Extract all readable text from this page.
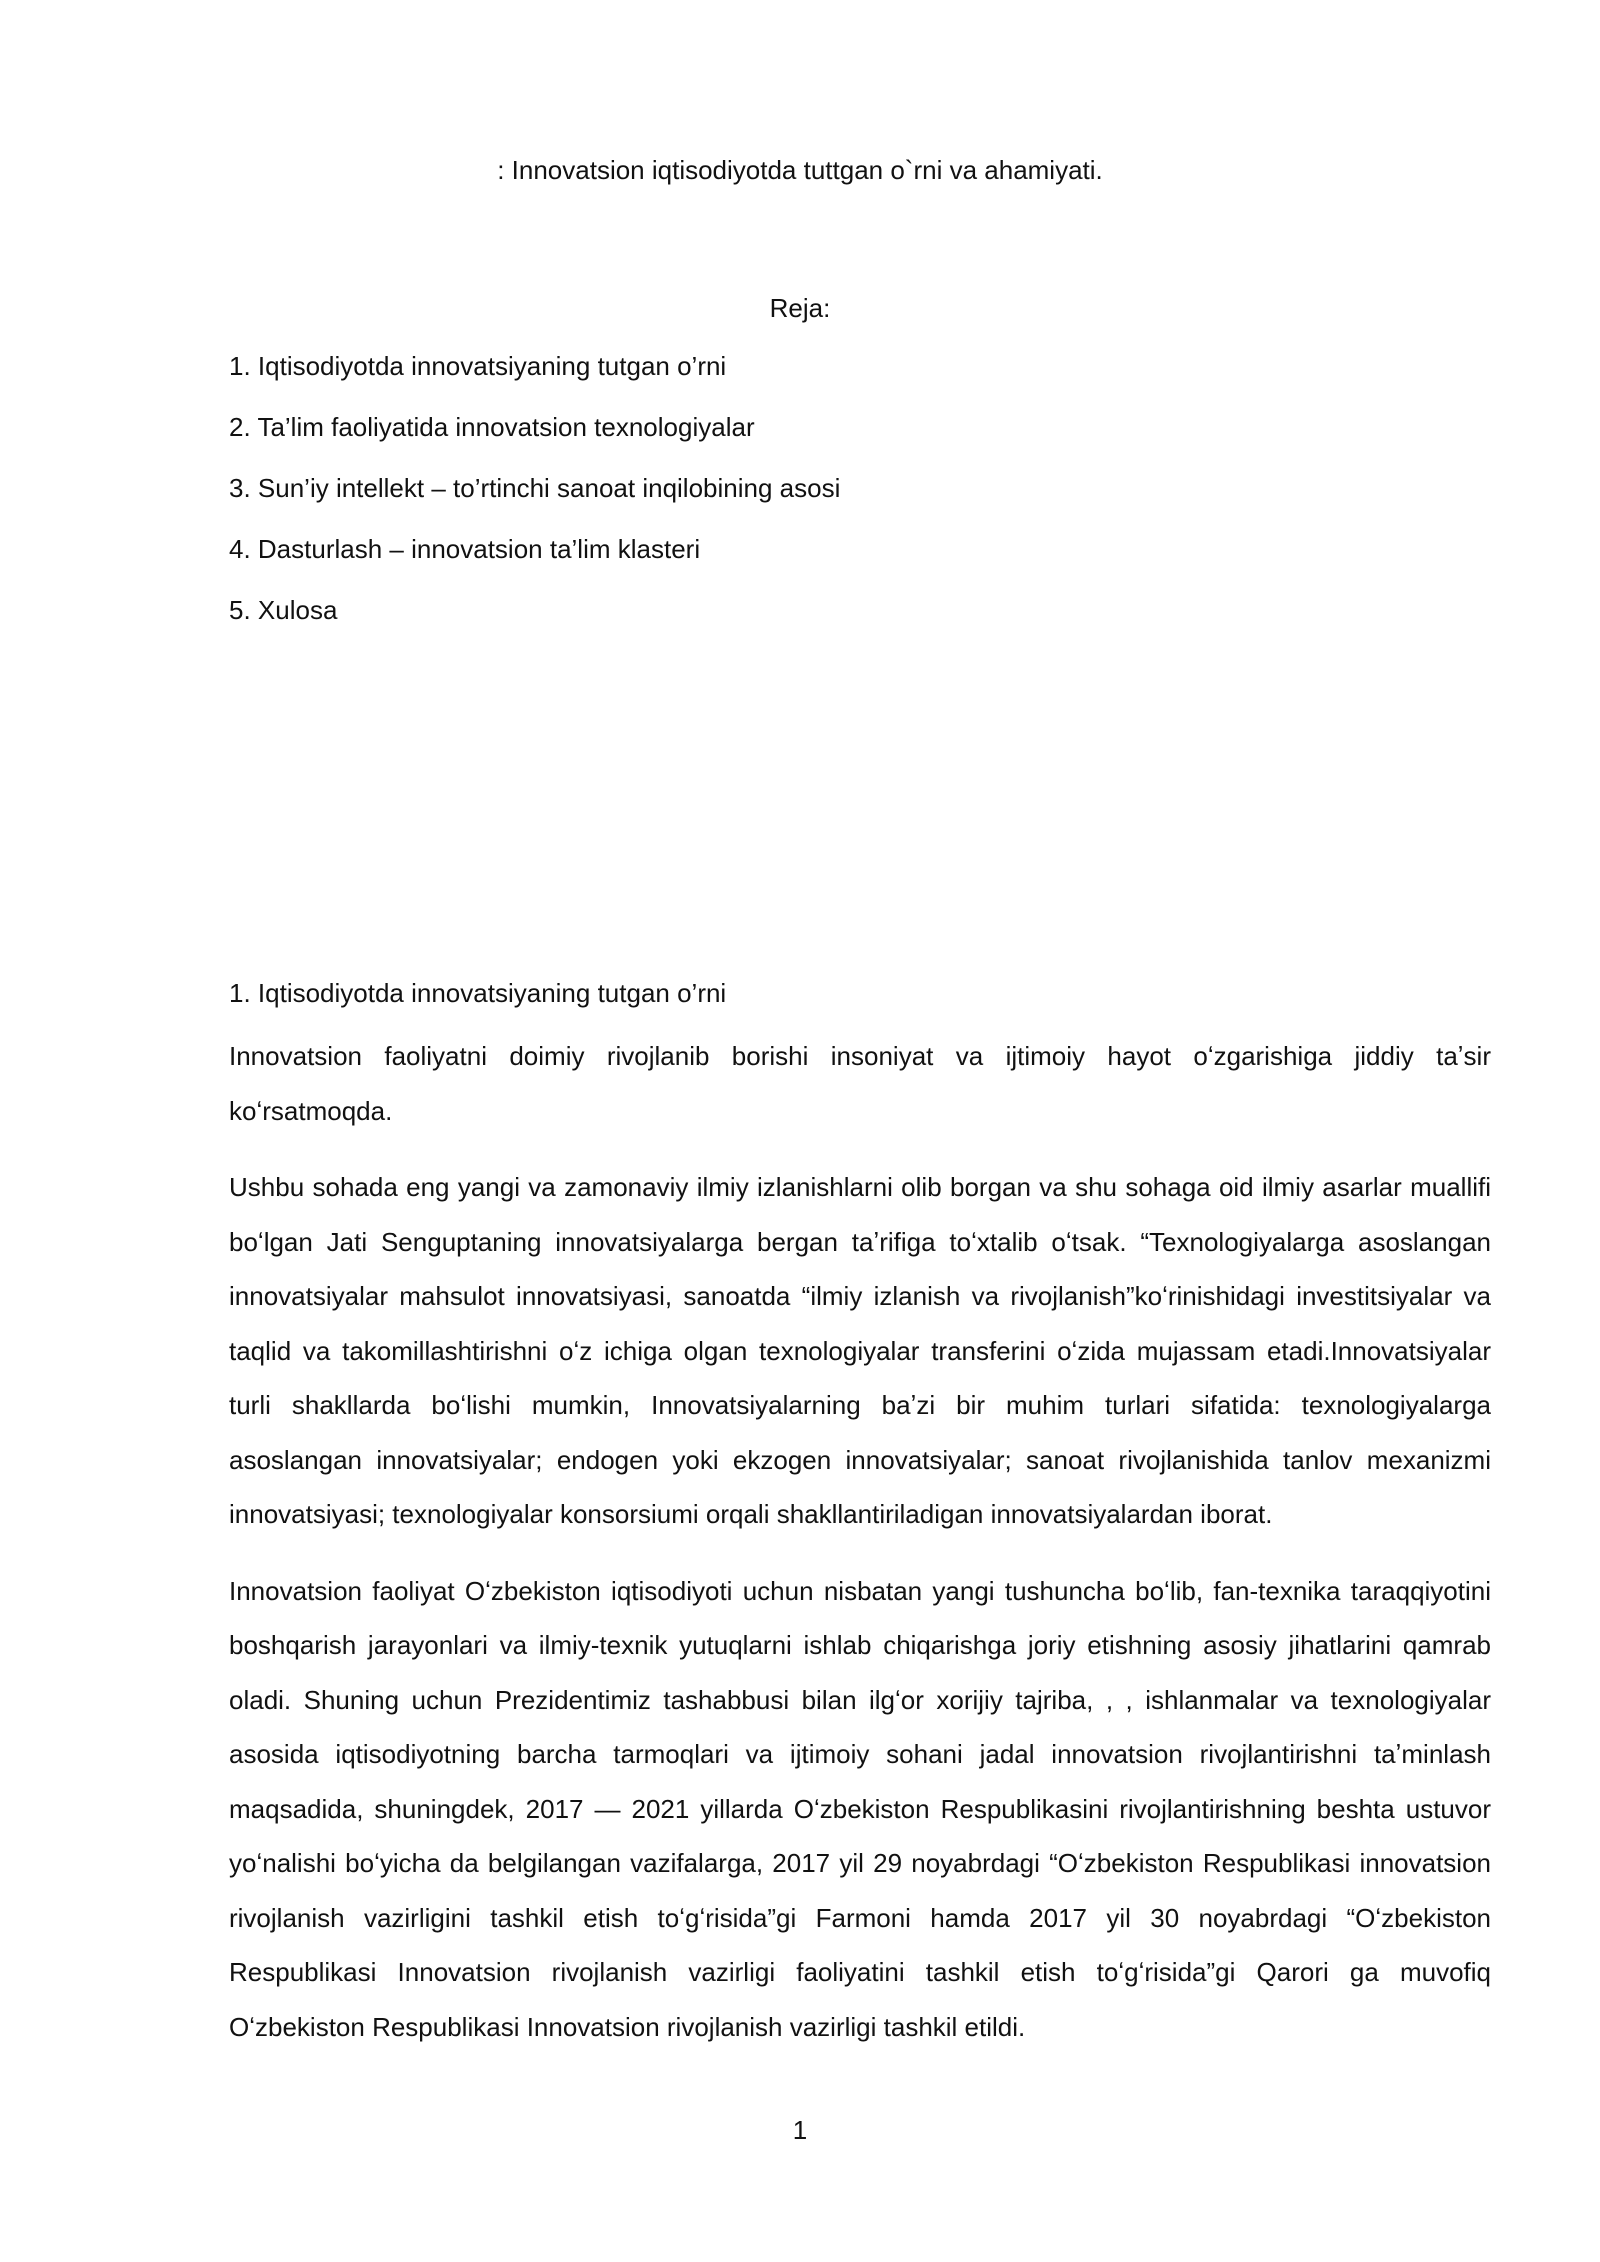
: Innovatsion iqtisodiyotda tuttgan o`rni va ahamiyati.
Reja:
1. Iqtisodiyotda innovatsiyaning tutgan o’rni
2. Ta’lim faoliyatida innovatsion texnologiyalar
3. Sun’iy intellekt – to’rtinchi sanoat inqilobining asosi
4. Dasturlash – innovatsion ta’lim klasteri
5. Xulosa
1. Iqtisodiyotda innovatsiyaning tutgan o’rni

Innovatsion faoliyatni doimiy rivojlanib borishi insoniyat va ijtimoiy hayot oʻzgarishiga jiddiy taʼsir koʻrsatmoqda.

Ushbu sohada eng yangi va zamonaviy ilmiy izlanishlarni olib borgan va shu sohaga oid ilmiy asarlar muallifi boʻlgan Jati Senguptaning innovatsiyalarga bergan taʼrifiga toʻxtalib oʻtsak. “Texnologiyalarga asoslangan innovatsiyalar mahsulot innovatsiyasi, sanoatda “ilmiy izlanish va rivojlanish”koʻrinishidagi investitsiyalar va taqlid va takomillashtirishni oʻz ichiga olgan texnologiyalar transferini oʻzida mujassam etadi.Innovatsiyalar turli shakllarda boʻlishi mumkin, Innovatsiyalarning baʼzi bir muhim turlari sifatida: texnologiyalarga asoslangan innovatsiyalar; endogen yoki ekzogen innovatsiyalar; sanoat rivojlanishida tanlov mexanizmi innovatsiyasi; texnologiyalar konsorsiumi orqali shakllantiriladigan innovatsiyalardan iborat.

Innovatsion faoliyat Oʻzbekiston iqtisodiyoti uchun nisbatan yangi tushuncha boʻlib, fan-texnika taraqqiyotini boshqarish jarayonlari va ilmiy-texnik yutuqlarni ishlab chiqarishga joriy etishning asosiy jihatlarini qamrab oladi. Shuning uchun Prezidentimiz tashabbusi bilan ilgʻor xorijiy tajriba, , , ishlanmalar va texnologiyalar asosida iqtisodiyotning barcha tarmoqlari va ijtimoiy sohani jadal innovatsion rivojlantirishni taʼminlash maqsadida, shuningdek, 2017 — 2021 yillarda Oʻzbekiston Respublikasini rivojlantirishning beshta ustuvor yoʻnalishi boʻyicha da belgilangan vazifalarga, 2017 yil 29 noyabrdagi “Oʻzbekiston Respublikasi innovatsion rivojlanish vazirligini tashkil etish toʻgʻrisida”gi Farmoni hamda 2017 yil 30 noyabrdagi “Oʻzbekiston Respublikasi Innovatsion rivojlanish vazirligi faoliyatini tashkil etish toʻgʻrisida”gi Qarori ga muvofiq Oʻzbekiston Respublikasi Innovatsion rivojlanish vazirligi tashkil etildi.

1
